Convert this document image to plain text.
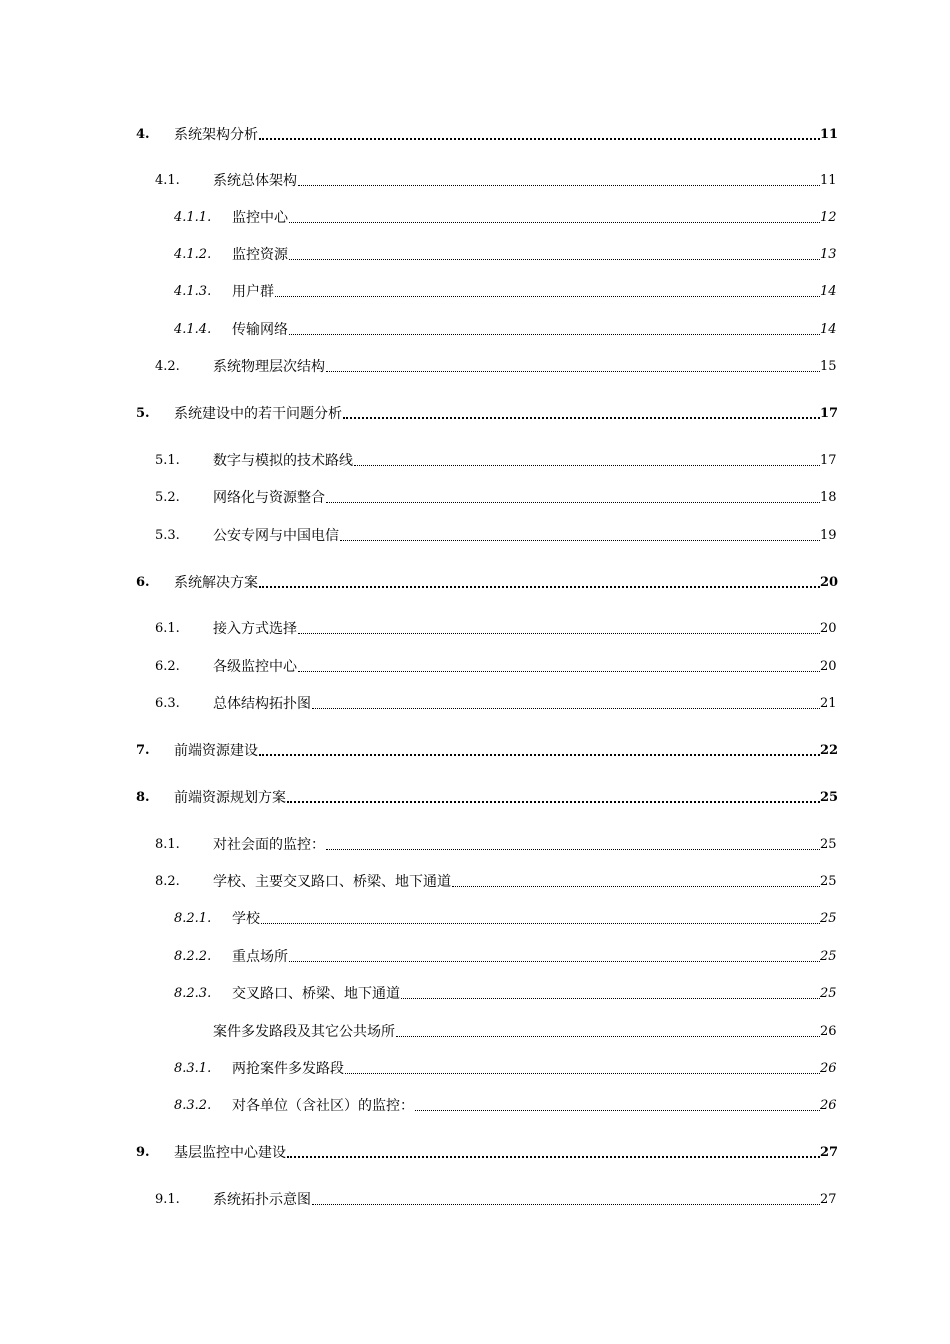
4. 系统架构分析	11
4.1. 系统总体架构	11
4.1.1. 监控中心	12
4.1.2. 监控资源	13
4.1.3. 用户群	14
4.1.4. 传输网络	14
4.2. 系统物理层次结构	15
5. 系统建设中的若干问题分析	17
5.1. 数字与模拟的技术路线	17
5.2. 网络化与资源整合	18
5.3. 公安专网与中国电信	19
6. 系统解决方案	20
6.1. 接入方式选择	20
6.2. 各级监控中心	20
6.3. 总体结构拓扑图	21
7. 前端资源建设	22
8. 前端资源规划方案	25
8.1. 对社会面的监控：	25
8.2. 学校、主要交叉路口、桥梁、地下通道	25
8.2.1. 学校	25
8.2.2. 重点场所	25
8.2.3. 交叉路口、桥梁、地下通道	25
案件多发路段及其它公共场所	26
8.3.1. 两抢案件多发路段	26
8.3.2. 对各单位（含社区）的监控：	26
9. 基层监控中心建设	27
9.1. 系统拓扑示意图	27
